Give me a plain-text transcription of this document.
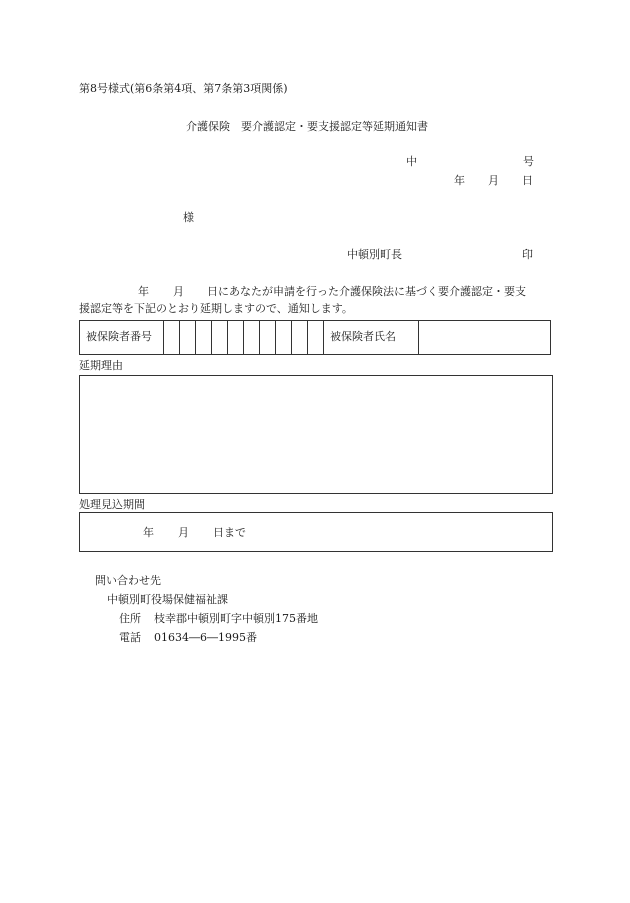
第8号様式(第6条第4項、第7条第3項関係)
介護保険　要介護認定・要支援認定等延期通知書
中	号
年 月 日
様
中頓別町長	印
年 月 日にあなたが申請を行った介護保険法に基づく要介護認定・要支
援認定等を下記のとおり延期しますので、通知します。
被保険者番号	被保険者氏名
延期理由
処理見込期間
年 月 日まで
問い合わせ先
中頓別町役場保健福祉課
住所 枝幸郡中頓別町字中頓別175番地
電話 01634―6―1995番
